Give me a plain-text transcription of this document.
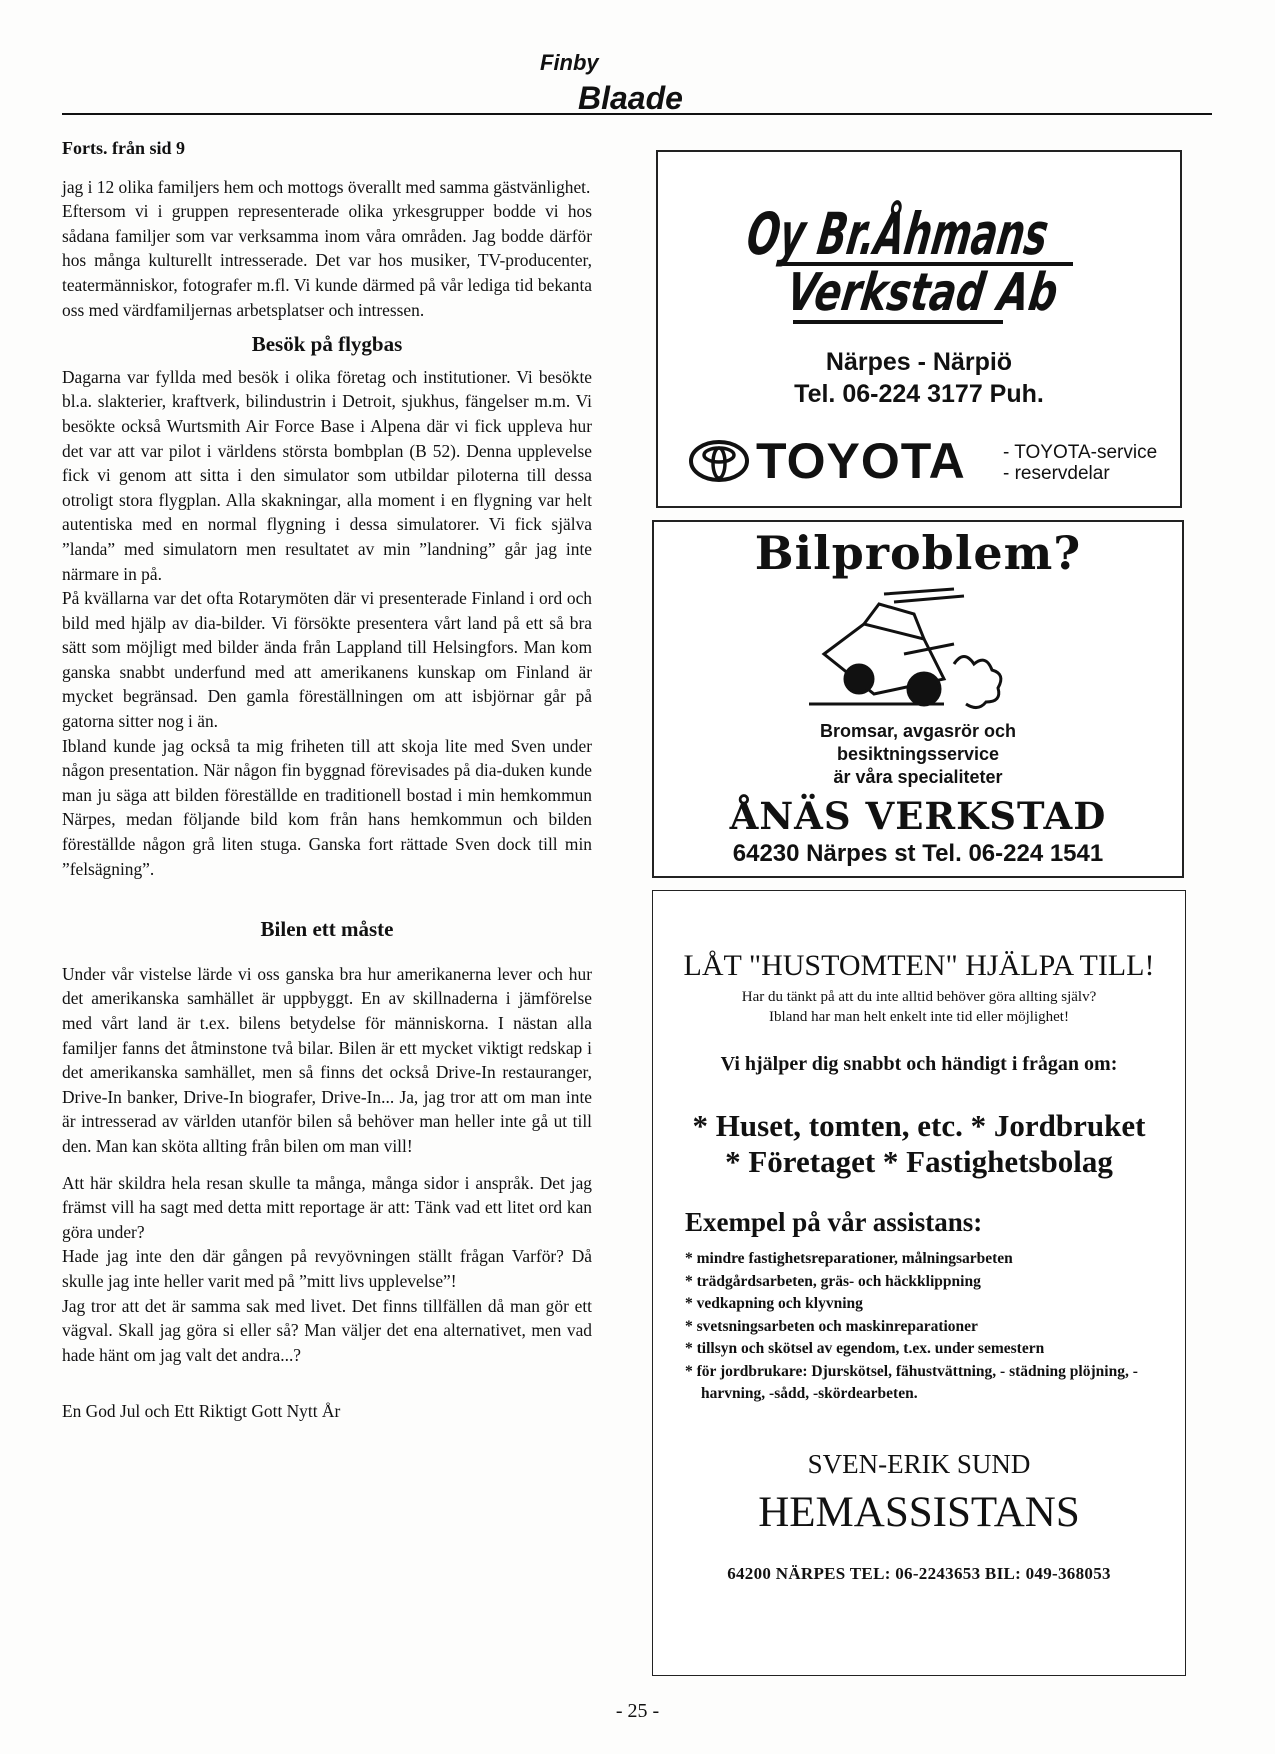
Finby
Blaade

Forts. från sid 9

jag i 12 olika familjers hem och mottogs överallt med samma gästvänlighet.

Eftersom vi i gruppen representerade olika yrkesgrupper bodde vi hos sådana familjer som var verksamma inom våra områden. Jag bodde därför hos många kulturellt intresserade. Det var hos musiker, TV-producenter, teatermänniskor, fotografer m.fl. Vi kunde därmed på vår lediga tid bekanta oss med värdfamiljernas arbetsplatser och intressen.

Besök på flygbas

Dagarna var fyllda med besök i olika företag och institutioner. Vi besökte bl.a. slakterier, kraftverk, bilindustrin i Detroit, sjukhus, fängelser m.m. Vi besökte också Wurtsmith Air Force Base i Alpena där vi fick uppleva hur det var att var pilot i världens största bombplan (B 52). Denna upplevelse fick vi genom att sitta i den simulator som utbildar piloterna till dessa otroligt stora flygplan. Alla skakningar, alla moment i en flygning var helt autentiska med en normal flygning i dessa simulatorer. Vi fick själva ”landa” med simulatorn men resultatet av min ”landning” går jag inte närmare in på.

På kvällarna var det ofta Rotarymöten där vi presenterade Finland i ord och bild med hjälp av dia-bilder. Vi försökte presentera vårt land på ett så bra sätt som möjligt med bilder ända från Lappland till Helsingfors. Man kom ganska snabbt underfund med att amerikanens kunskap om Finland är mycket begränsad. Den gamla föreställningen om att isbjörnar går på gatorna sitter nog i än.

Ibland kunde jag också ta mig friheten till att skoja lite med Sven under någon presentation. När någon fin byggnad förevisades på dia-duken kunde man ju säga att bilden föreställde en traditionell bostad i min hemkommun Närpes, medan följande bild kom från hans hemkommun och bilden föreställde någon grå liten stuga. Ganska fort rättade Sven dock till min ”felsägning”.

Bilen ett måste

Under vår vistelse lärde vi oss ganska bra hur amerikanerna lever och hur det amerikanska samhället är uppbyggt. En av skillnaderna i jämförelse med vårt land är t.ex. bilens betydelse för människorna. I nästan alla familjer fanns det åtminstone två bilar. Bilen är ett mycket viktigt redskap i det amerikanska samhället, men så finns det också Drive-In restauranger, Drive-In banker, Drive-In biografer, Drive-In... Ja, jag tror att om man inte är intresserad av världen utanför bilen så behöver man heller inte gå ut till den. Man kan sköta allting från bilen om man vill!

Att här skildra hela resan skulle ta många, många sidor i anspråk. Det jag främst vill ha sagt med detta mitt reportage är att: Tänk vad ett litet ord kan göra under?

Hade jag inte den där gången på revyövningen ställt frågan Varför? Då skulle jag inte heller varit med på ”mitt livs upplevelse”!

Jag tror att det är samma sak med livet. Det finns tillfällen då man gör ett vägval. Skall jag göra si eller så? Man väljer det ena alternativet, men vad hade hänt om jag valt det andra...?

En God Jul och Ett Riktigt Gott Nytt År

Oy Br.Åhmans
Verkstad Ab
Närpes - Närpiö
Tel. 06-224 3177 Puh.
TOYOTA - TOYOTA-service
- reservdelar
Bilproblem?
Bromsar, avgasrör och
besiktningsservice
är våra specialiteter
ÅNÄS VERKSTAD
64230 Närpes st Tel. 06-224 1541
LÅT "HUSTOMTEN" HJÄLPA TILL!
Har du tänkt på att du inte alltid behöver göra allting själv?
Ibland har man helt enkelt inte tid eller möjlighet!
Vi hjälper dig snabbt och händigt i frågan om:
* Huset, tomten, etc. * Jordbruket
* Företaget * Fastighetsbolag
Exempel på vår assistans:
* mindre fastighetsreparationer, målningsarbeten
* trädgårdsarbeten, gräs- och häckklippning
* vedkapning och klyvning
* svetsningsarbeten och maskinreparationer
* tillsyn och skötsel av egendom, t.ex. under semestern
* för jordbrukare: Djurskötsel, fähustvättning, - städning plöjning, -harvning, -sådd, -skördearbeten.
SVEN-ERIK SUND
HEMASSISTANS
64200 NÄRPES TEL: 06-2243653 BIL: 049-368053
- 25 -
